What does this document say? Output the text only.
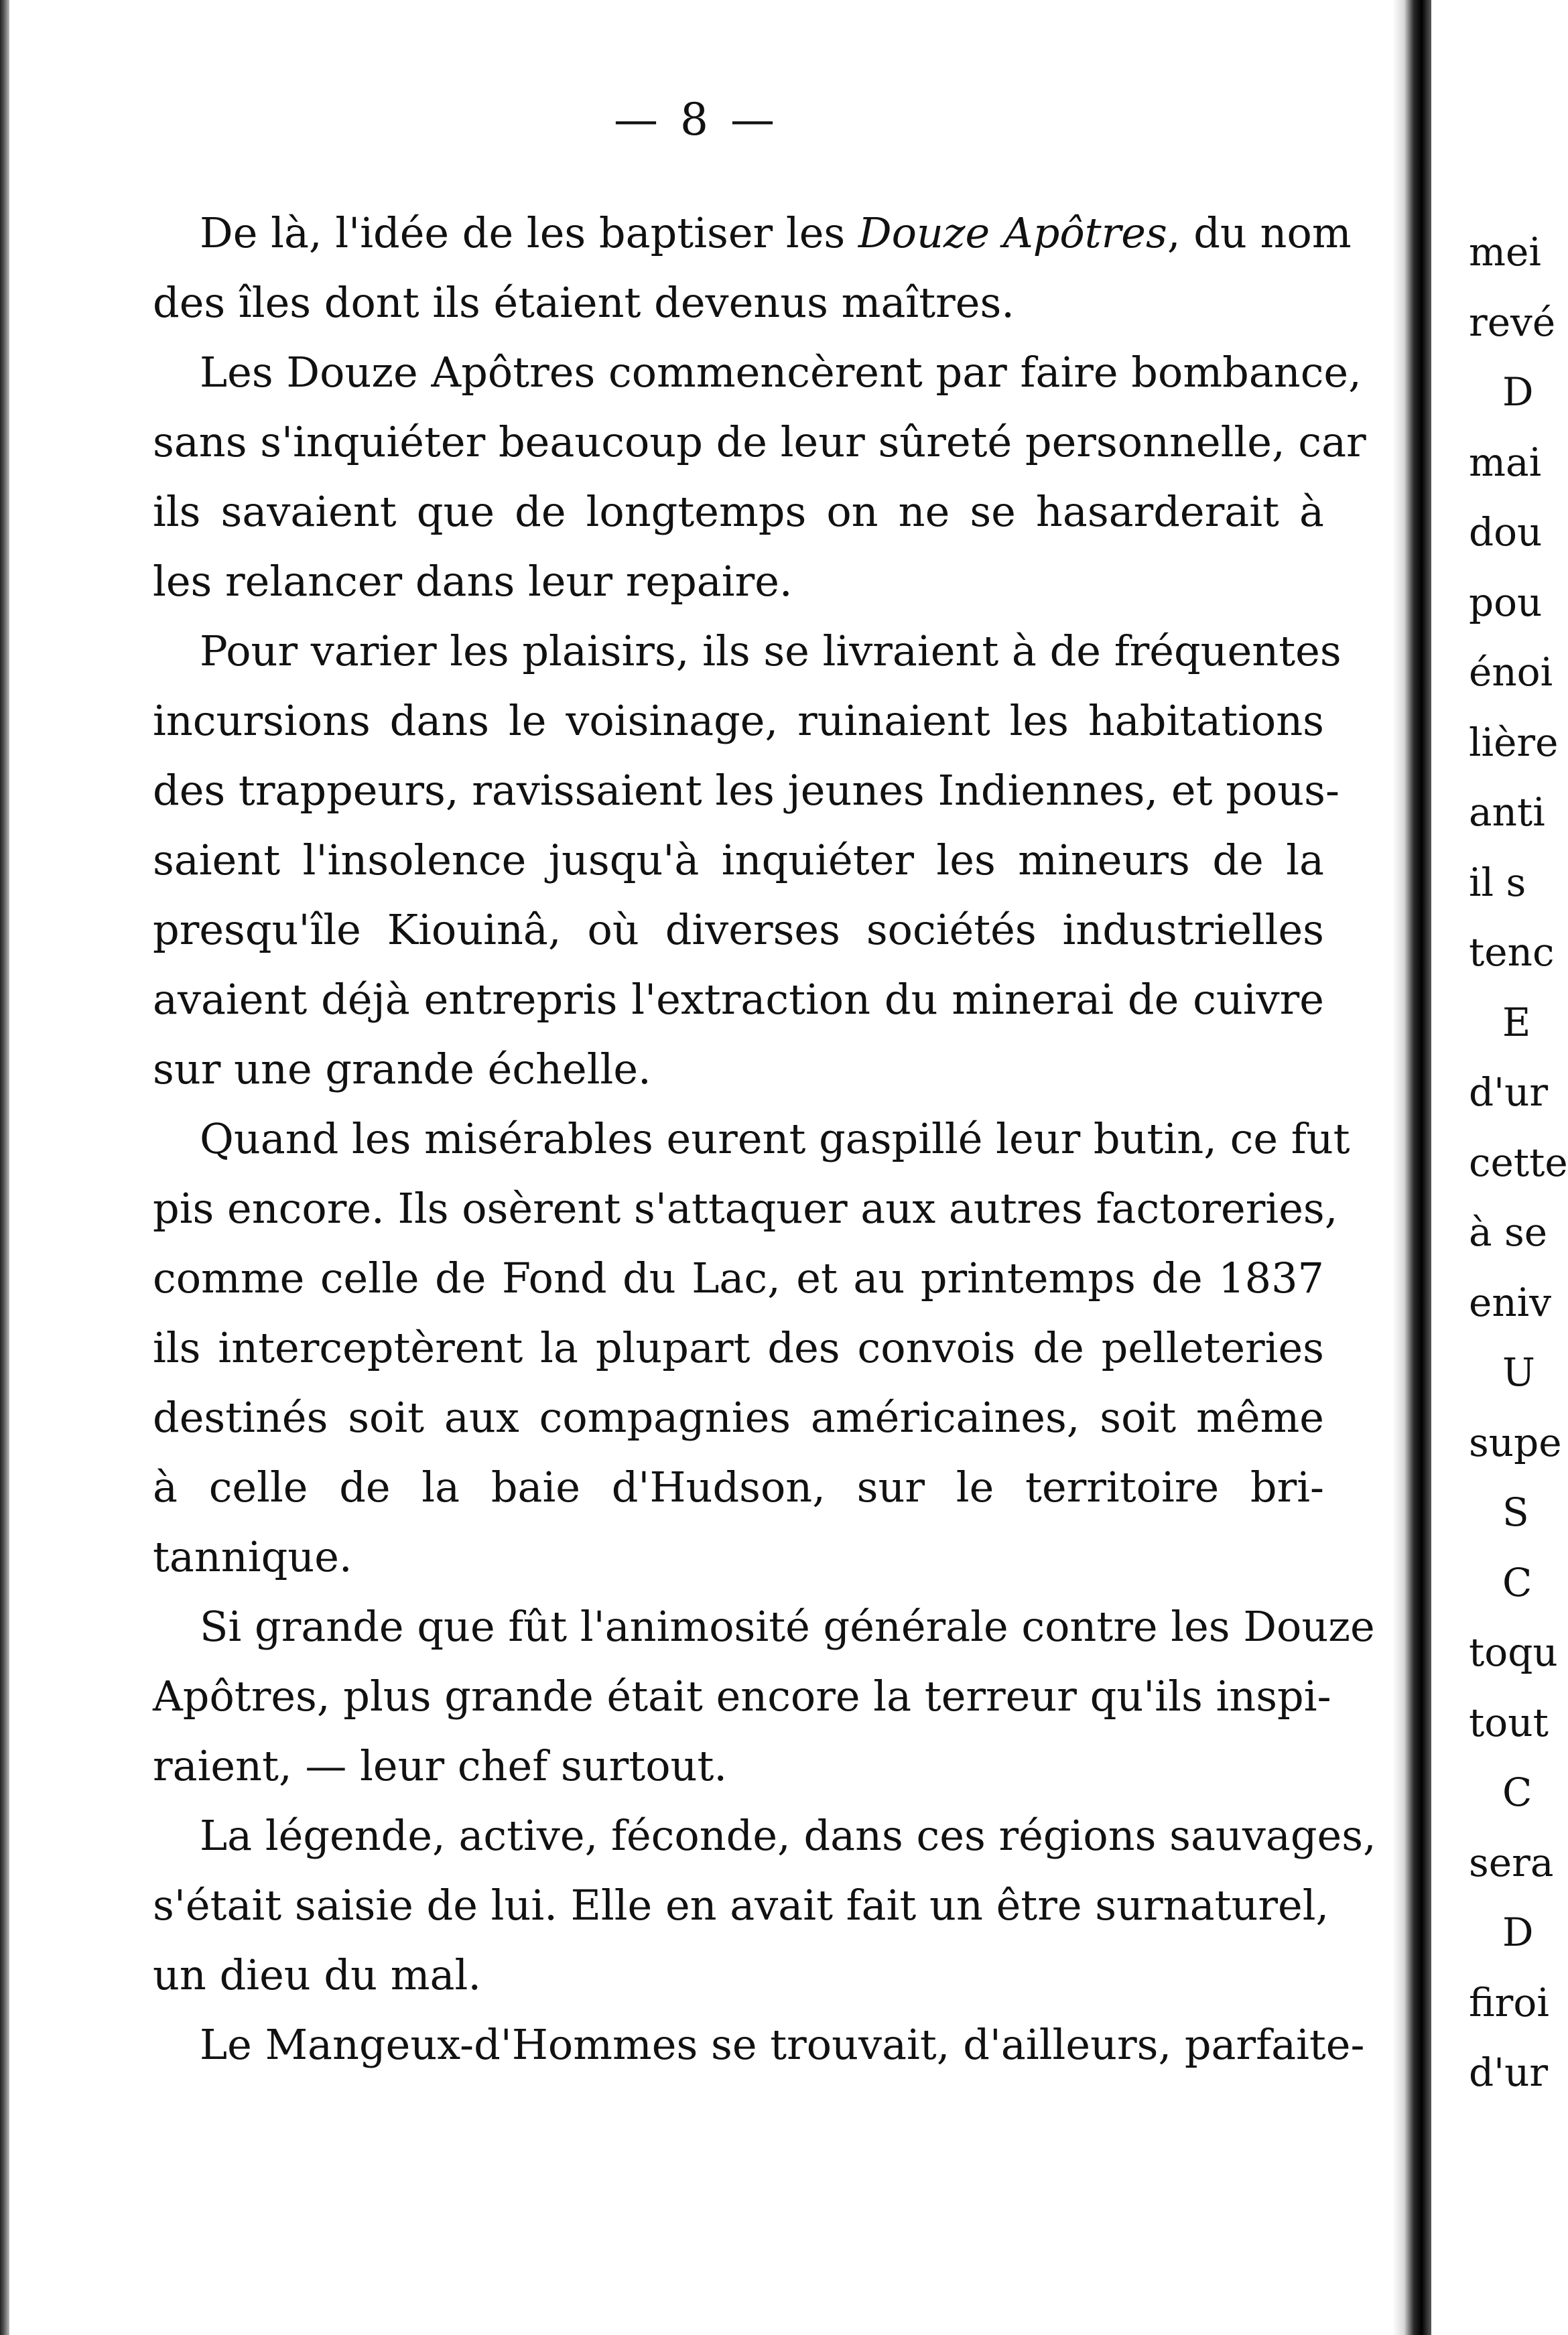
— 8 —
De là, l'idée de les baptiser les Douze Apôtres, du nom
des îles dont ils étaient devenus maîtres.
Les Douze Apôtres commencèrent par faire bombance,
sans s'inquiéter beaucoup de leur sûreté personnelle, car
ils savaient que de longtemps on ne se hasarderait à
les relancer dans leur repaire.
Pour varier les plaisirs, ils se livraient à de fréquentes
incursions dans le voisinage, ruinaient les habitations
des trappeurs, ravissaient les jeunes Indiennes, et pous-
saient l'insolence jusqu'à inquiéter les mineurs de la
presqu'île Kiouinâ, où diverses sociétés industrielles
avaient déjà entrepris l'extraction du minerai de cuivre
sur une grande échelle.
Quand les misérables eurent gaspillé leur butin, ce fut
pis encore. Ils osèrent s'attaquer aux autres factoreries,
comme celle de Fond du Lac, et au printemps de 1837
ils interceptèrent la plupart des convois de pelleteries
destinés soit aux compagnies américaines, soit même
à celle de la baie d'Hudson, sur le territoire bri-
tannique.
Si grande que fût l'animosité générale contre les Douze
Apôtres, plus grande était encore la terreur qu'ils inspi-
raient, — leur chef surtout.
La légende, active, féconde, dans ces régions sauvages,
s'était saisie de lui. Elle en avait fait un être surnaturel,
un dieu du mal.
Le Mangeux-d'Hommes se trouvait, d'ailleurs, parfaite-
mei
revé
D
mai
dou
pou
énoi
lière
anti
il s
tenc
E
d'ur
cette
à se
eniv
U
supe
S
C
toqu
tout
C
sera
D
firoi
d'ur
